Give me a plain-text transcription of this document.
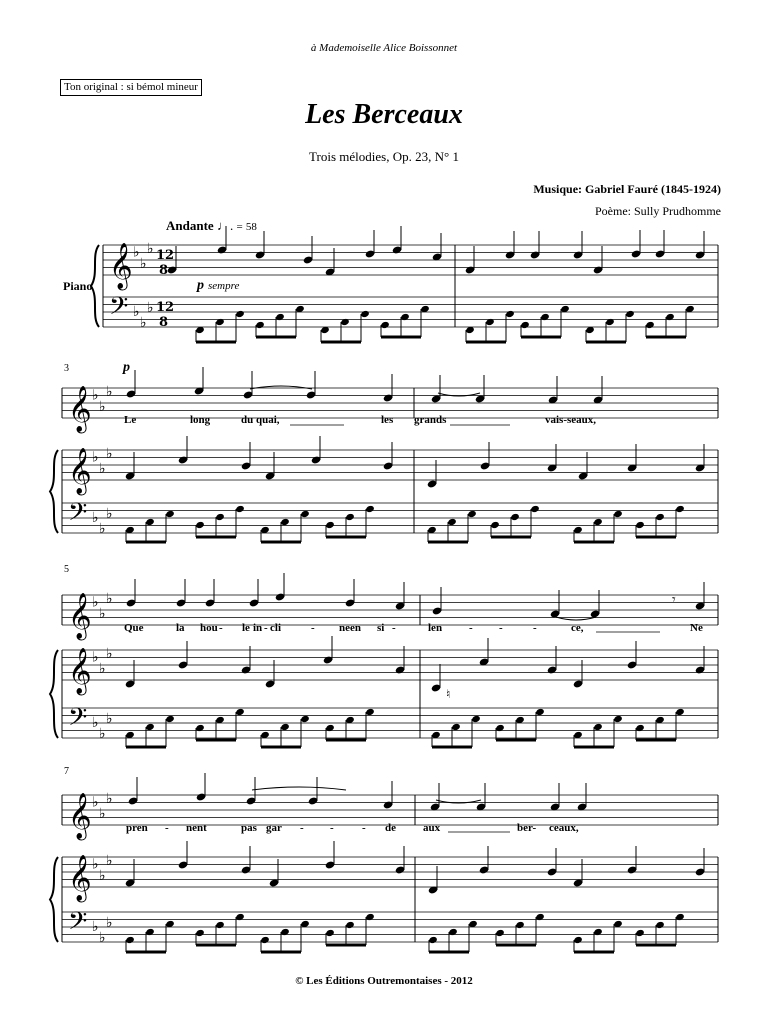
à Mademoiselle Alice Boissonnet

Ton original : si bémol mineur
Les Berceaux

Trois mélodies, Op. 23, N° 1

Musique: Gabriel Fauré (1845-1924)

Poème: Sully Prudhomme

Andante ♩. = 58

Piano	p sempre
p
3
5
7
Le	long	du quai,	les grands	vais-seaux,
Que	la hou - le in - cli	- ne en si -	len - -	-	ce,	Ne
pren - nent	pas gar - -	- de aux	ber- ceaux,

© Les Éditions Outremontaises - 2012

𝄞 ♭
♭
♭ 12
8
𝄢 ♭
♭
♭ 12
8
𝄞 ♭
♭
♭
𝄞 ♭
♭
♭
𝄢 ♭
♭
♭
𝄞 ♭
♭
♭
𝄞 ♭
♭
♭
𝄢 ♭
♭
♭
𝄾
♮
𝄞 ♭
♭
♭
𝄞 ♭
♭
♭
𝄢 ♭
♭
♭
